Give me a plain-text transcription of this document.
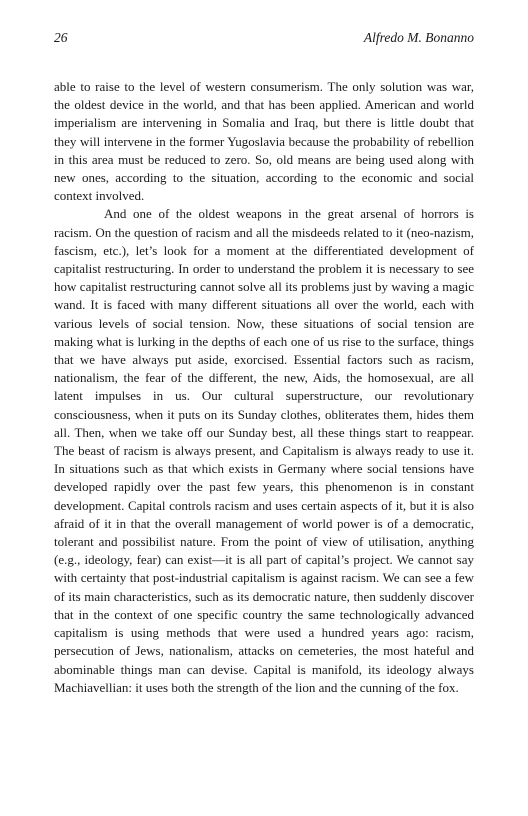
26	Alfredo M. Bonanno

able to raise to the level of western consumerism. The only solution was war, the oldest device in the world, and that has been applied. American and world imperialism are intervening in Somalia and Iraq, but there is little doubt that they will intervene in the former Yugoslavia because the probability of rebellion in this area must be reduced to zero. So, old means are being used along with new ones, according to the situation, according to the economic and social context involved.

And one of the oldest weapons in the great arsenal of horrors is racism. On the question of racism and all the misdeeds related to it (neo-nazism, fascism, etc.), let’s look for a moment at the differentiated development of capitalist restructuring. In order to understand the problem it is necessary to see how capitalist restructuring cannot solve all its problems just by waving a magic wand. It is faced with many different situations all over the world, each with various levels of social tension. Now, these situations of social tension are making what is lurking in the depths of each one of us rise to the surface, things that we have always put aside, exorcised. Essential factors such as racism, nationalism, the fear of the different, the new, Aids, the homosexual, are all latent impulses in us. Our cultural superstructure, our revolutionary consciousness, when it puts on its Sunday clothes, obliterates them, hides them all. Then, when we take off our Sunday best, all these things start to reappear. The beast of racism is always present, and Capitalism is always ready to use it. In situations such as that which exists in Germany where social tensions have developed rapidly over the past few years, this phenomenon is in constant development. Capital controls racism and uses certain aspects of it, but it is also afraid of it in that the overall management of world power is of a democratic, tolerant and possibilist nature. From the point of view of utilisation, anything (e.g., ideology, fear) can exist—it is all part of capital’s project. We cannot say with certainty that post-industrial capitalism is against racism. We can see a few of its main characteristics, such as its democratic nature, then suddenly discover that in the context of one specific country the same technologically advanced capitalism is using methods that were used a hundred years ago: racism, persecution of Jews, nationalism, attacks on cemeteries, the most hateful and abominable things man can devise. Capital is manifold, its ideology always Machiavellian: it uses both the strength of the lion and the cunning of the fox.
